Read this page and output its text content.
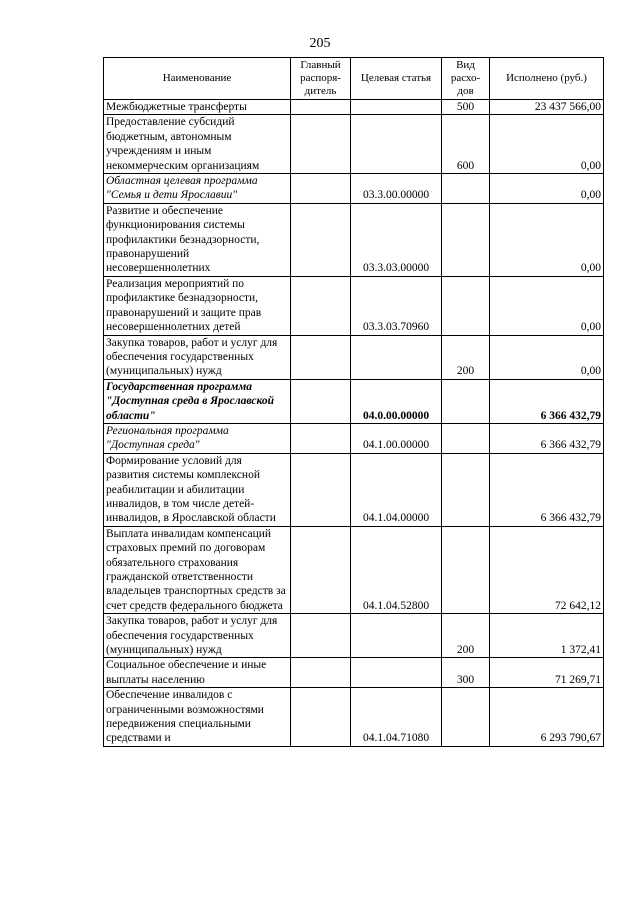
205
Наименование	Главный распоря-дитель	Целевая статья	Вид расхо-дов	Исполнено (руб.)
Межбюджетные трансферты			500	23 437 566,00
Предоставление субсидий бюджетным, автономным учреждениям и иным некоммерческим организациям			600	0,00
Областная целевая программа "Семья и дети Ярославии"		03.3.00.00000		0,00
Развитие и обеспечение функционирования системы профилактики безнадзорности, правонарушений несовершеннолетних		03.3.03.00000		0,00
Реализация мероприятий по профилактике безнадзорности, правонарушений и защите прав несовершеннолетних детей		03.3.03.70960		0,00
Закупка товаров, работ и услуг для обеспечения государственных (муниципальных) нужд			200	0,00
Государственная программа "Доступная среда в Ярославской области"		04.0.00.00000		6 366 432,79
Региональная программа "Доступная среда"		04.1.00.00000		6 366 432,79
Формирование условий для развития системы комплексной реабилитации и абилитации инвалидов, в том числе детей-инвалидов, в Ярославской области		04.1.04.00000		6 366 432,79
Выплата инвалидам компенсаций страховых премий по договорам обязательного страхования гражданской ответственности владельцев транспортных средств за счет средств федерального бюджета		04.1.04.52800		72 642,12
Закупка товаров, работ и услуг для обеспечения государственных (муниципальных) нужд			200	1 372,41
Социальное обеспечение и иные выплаты населению			300	71 269,71
Обеспечение инвалидов с ограниченными возможностями передвижения специальными средствами и		04.1.04.71080		6 293 790,67
